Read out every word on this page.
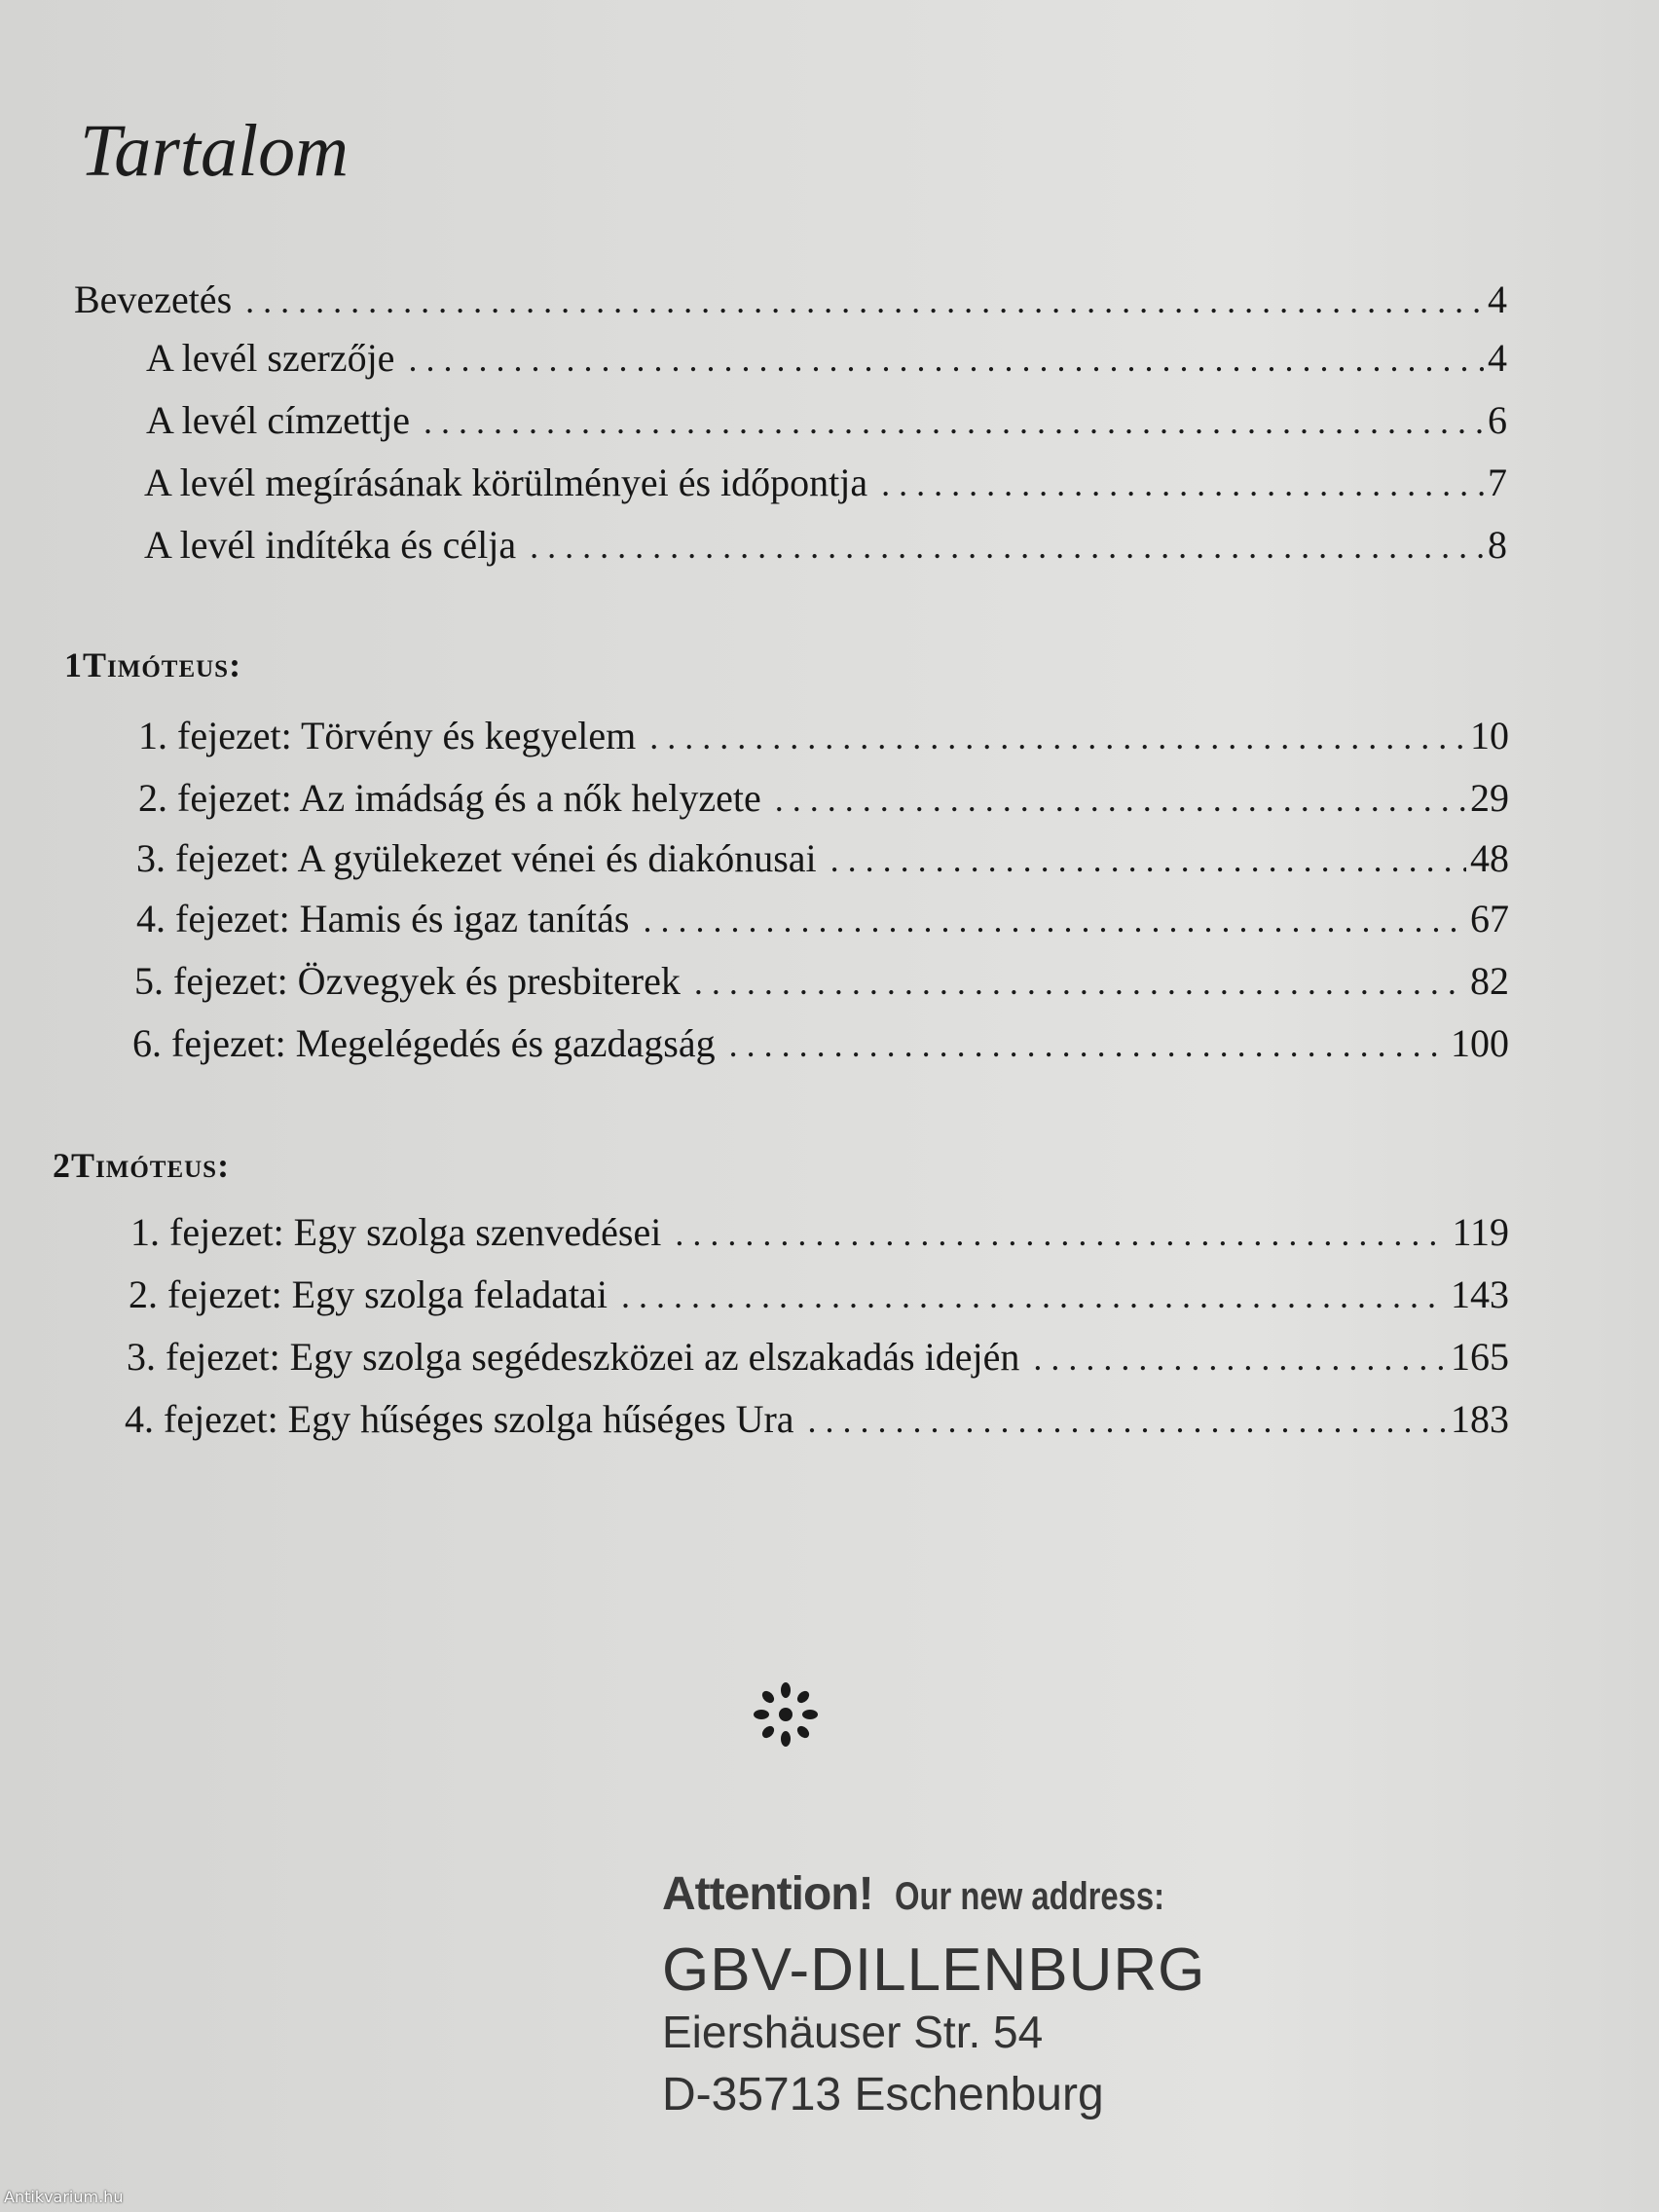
Tartalom
Bevezetés . . .	4
A levél szerzője . . .	4
A levél címzettje . . .	6
A levél megírásának körülményei és időpontja . . .	7
A levél indítéka és célja . . .	8
1Timóteus:
1. fejezet: Törvény és kegyelem . . .	10
2. fejezet: Az imádság és a nők helyzete . . .	29
3. fejezet: A gyülekezet vénei és diakónusai . . .	48
4. fejezet: Hamis és igaz tanítás . . .	67
5. fejezet: Özvegyek és presbiterek . . .	82
6. fejezet: Megelégedés és gazdagság . . .	100
2Timóteus:
1. fejezet: Egy szolga szenvedései . . .	119
2. fejezet: Egy szolga feladatai . . .	143
3. fejezet: Egy szolga segédeszközei az elszakadás idején . . .	165
4. fejezet: Egy hűséges szolga hűséges Ura . . .	183
Attention! Our new address:
GBV-DILLENBURG
Eiershäuser Str. 54
D-35713 Eschenburg
Antikvarium.hu
